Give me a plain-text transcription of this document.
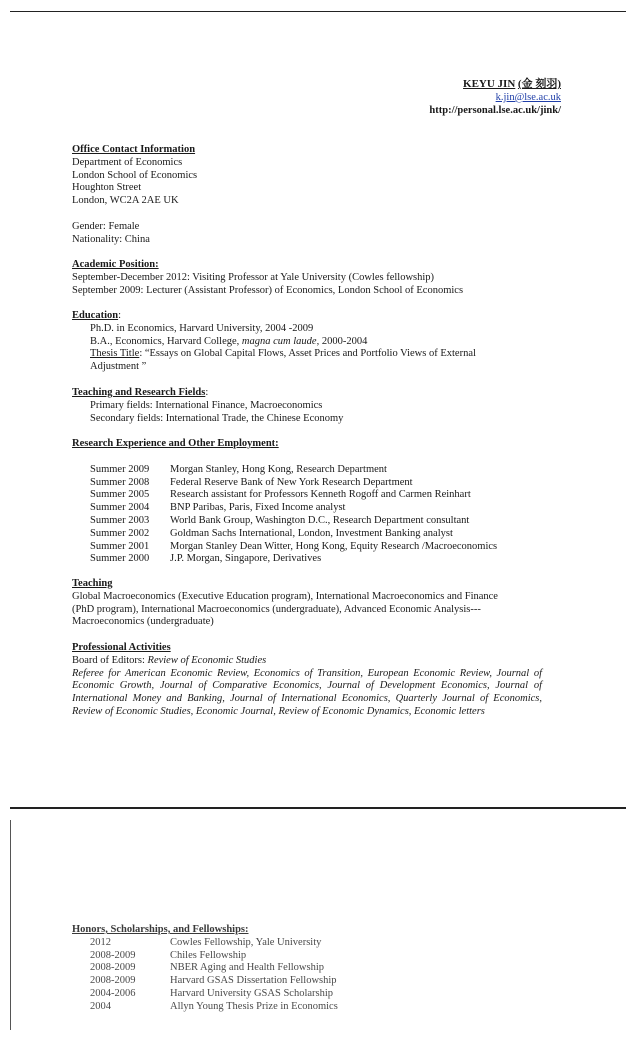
KEYU JIN (金 刻羽)
k.jin@lse.ac.uk
http://personal.lse.ac.uk/jink/
Office Contact Information
Department of Economics
London School of Economics
Houghton Street
London, WC2A 2AE UK
Gender: Female
Nationality: China
Academic Position:
September-December 2012: Visiting Professor at Yale University (Cowles fellowship)
September 2009: Lecturer (Assistant Professor) of Economics, London School of Economics
Education:
Ph.D. in Economics, Harvard University, 2004 -2009
B.A., Economics, Harvard College, magna cum laude, 2000-2004
Thesis Title: “Essays on Global Capital Flows, Asset Prices and Portfolio Views of External
Adjustment ”
Teaching and Research Fields:
Primary fields: International Finance, Macroeconomics
Secondary fields: International Trade, the Chinese Economy
Research Experience and Other Employment:
Summer 2009	Morgan Stanley, Hong Kong, Research Department
Summer 2008	Federal Reserve Bank of New York Research Department
Summer 2005	Research assistant for Professors Kenneth Rogoff and Carmen Reinhart
Summer 2004	BNP Paribas, Paris, Fixed Income analyst
Summer 2003	World Bank Group, Washington D.C., Research Department consultant
Summer 2002	Goldman Sachs International, London, Investment Banking analyst
Summer 2001	Morgan Stanley Dean Witter, Hong Kong, Equity Research /Macroeconomics
Summer 2000	J.P. Morgan, Singapore, Derivatives
Teaching
Global Macroeconomics (Executive Education program), International Macroeconomics and Finance
(PhD program), International Macroeconomics (undergraduate), Advanced Economic Analysis---
Macroeconomics (undergraduate)
Professional Activities
Board of Editors: Review of Economic Studies
Referee for American Economic Review, Economics of Transition, European Economic Review, Journal of Economic Growth, Journal of Comparative Economics, Journal of Development Economics, Journal of International Money and Banking, Journal of International Economics, Quarterly Journal of Economics, Review of Economic Studies, Economic Journal, Review of Economic Dynamics, Economic letters
Honors, Scholarships, and Fellowships:
2012	Cowles Fellowship, Yale University
2008-2009	Chiles Fellowship
2008-2009	NBER Aging and Health Fellowship
2008-2009	Harvard GSAS Dissertation Fellowship
2004-2006	Harvard University GSAS Scholarship
2004	Allyn Young Thesis Prize in Economics
